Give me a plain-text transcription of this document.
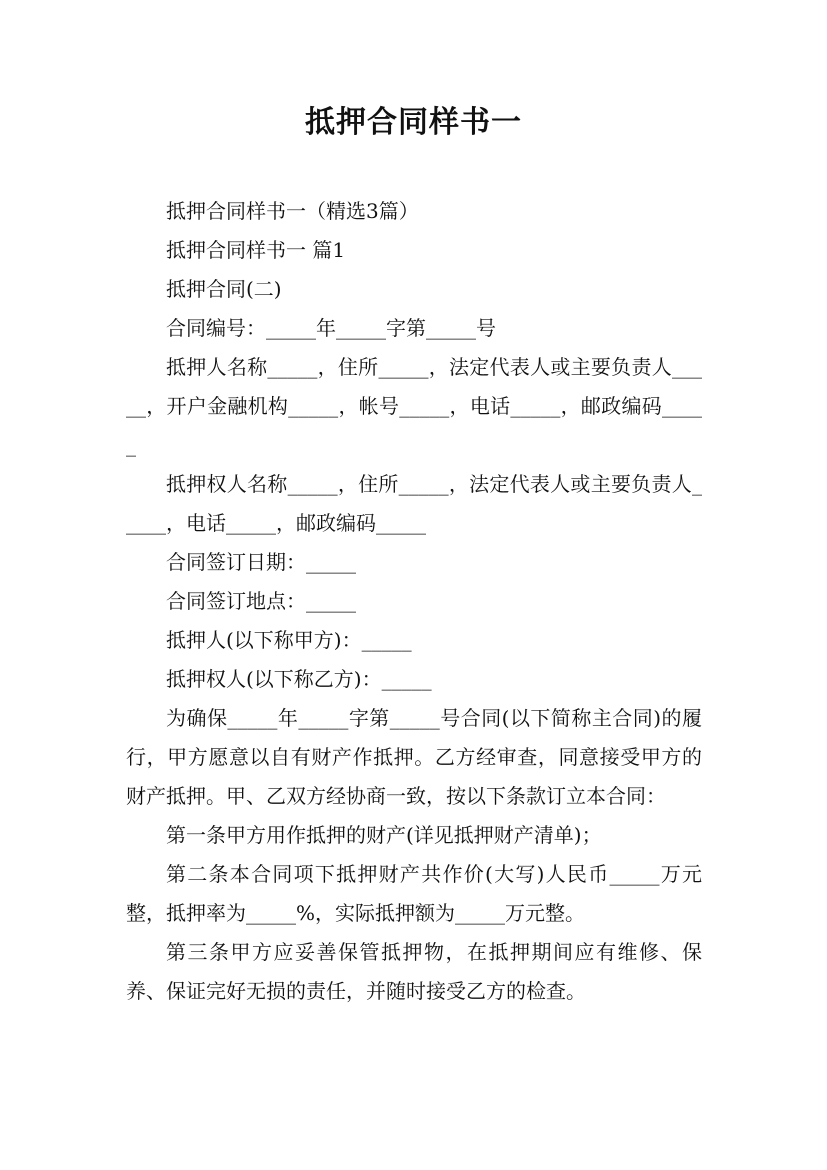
抵押合同样书一

抵押合同样书一（精选3篇）

抵押合同样书一 篇1

抵押合同(二)

合同编号：_____年_____字第_____号

抵押人名称_____，住所_____，法定代表人或主要负责人_____，开户金融机构_____，帐号_____，电话_____，邮政编码_____

抵押权人名称_____，住所_____，法定代表人或主要负责人_____，电话_____，邮政编码_____

合同签订日期：_____

合同签订地点：_____

抵押人(以下称甲方)：_____

抵押权人(以下称乙方)：_____

为确保_____年_____字第_____号合同(以下简称主合同)的履行，甲方愿意以自有财产作抵押。乙方经审查，同意接受甲方的财产抵押。甲、乙双方经协商一致，按以下条款订立本合同：

第一条甲方用作抵押的财产(详见抵押财产清单)；

第二条本合同项下抵押财产共作价(大写)人民币_____万元整，抵押率为_____%，实际抵押额为_____万元整。

第三条甲方应妥善保管抵押物，在抵押期间应有维修、保养、保证完好无损的责任，并随时接受乙方的检查。
